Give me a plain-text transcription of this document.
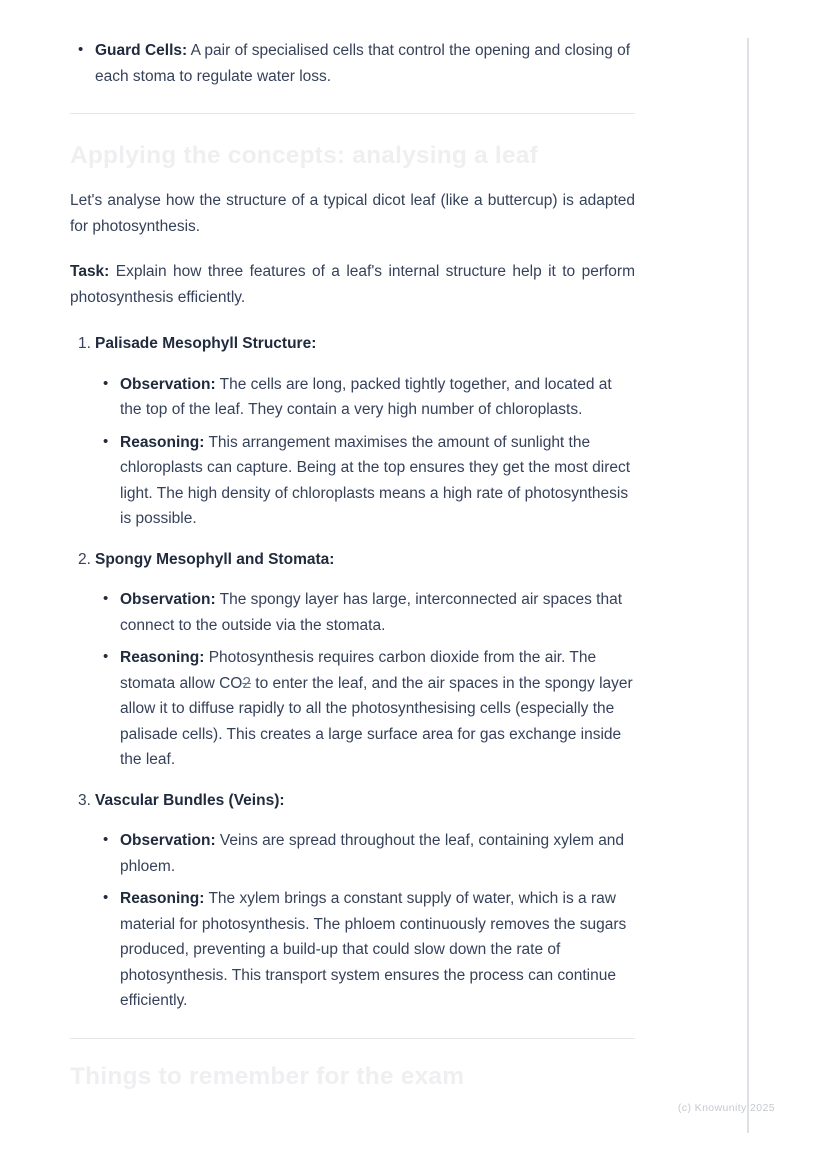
• Guard Cells: A pair of specialised cells that control the opening and closing of each stoma to regulate water loss.

Applying the concepts: analysing a leaf

Let's analyse how the structure of a typical dicot leaf (like a buttercup) is adapted for photosynthesis.

Task: Explain how three features of a leaf's internal structure help it to perform photosynthesis efficiently.

1. Palisade Mesophyll Structure:
• Observation: The cells are long, packed tightly together, and located at the top of the leaf. They contain a very high number of chloroplasts.

• Reasoning: This arrangement maximises the amount of sunlight the chloroplasts can capture. Being at the top ensures they get the most direct light. The high density of chloroplasts means a high rate of photosynthesis is possible.

2. Spongy Mesophyll and Stomata:
• Observation: The spongy layer has large, interconnected air spaces that connect to the outside via the stomata.

• Reasoning: Photosynthesis requires carbon dioxide from the air. The stomata allow CO2 to enter the leaf, and the air spaces in the spongy layer allow it to diffuse rapidly to all the photosynthesising cells (especially the palisade cells). This creates a large surface area for gas exchange inside the leaf.

3. Vascular Bundles (Veins):
• Observation: Veins are spread throughout the leaf, containing xylem and phloem.

• Reasoning: The xylem brings a constant supply of water, which is a raw material for photosynthesis. The phloem continuously removes the sugars produced, preventing a build-up that could slow down the rate of photosynthesis. This transport system ensures the process can continue efficiently.

Things to remember for the exam
(c) Knowunity 2025
